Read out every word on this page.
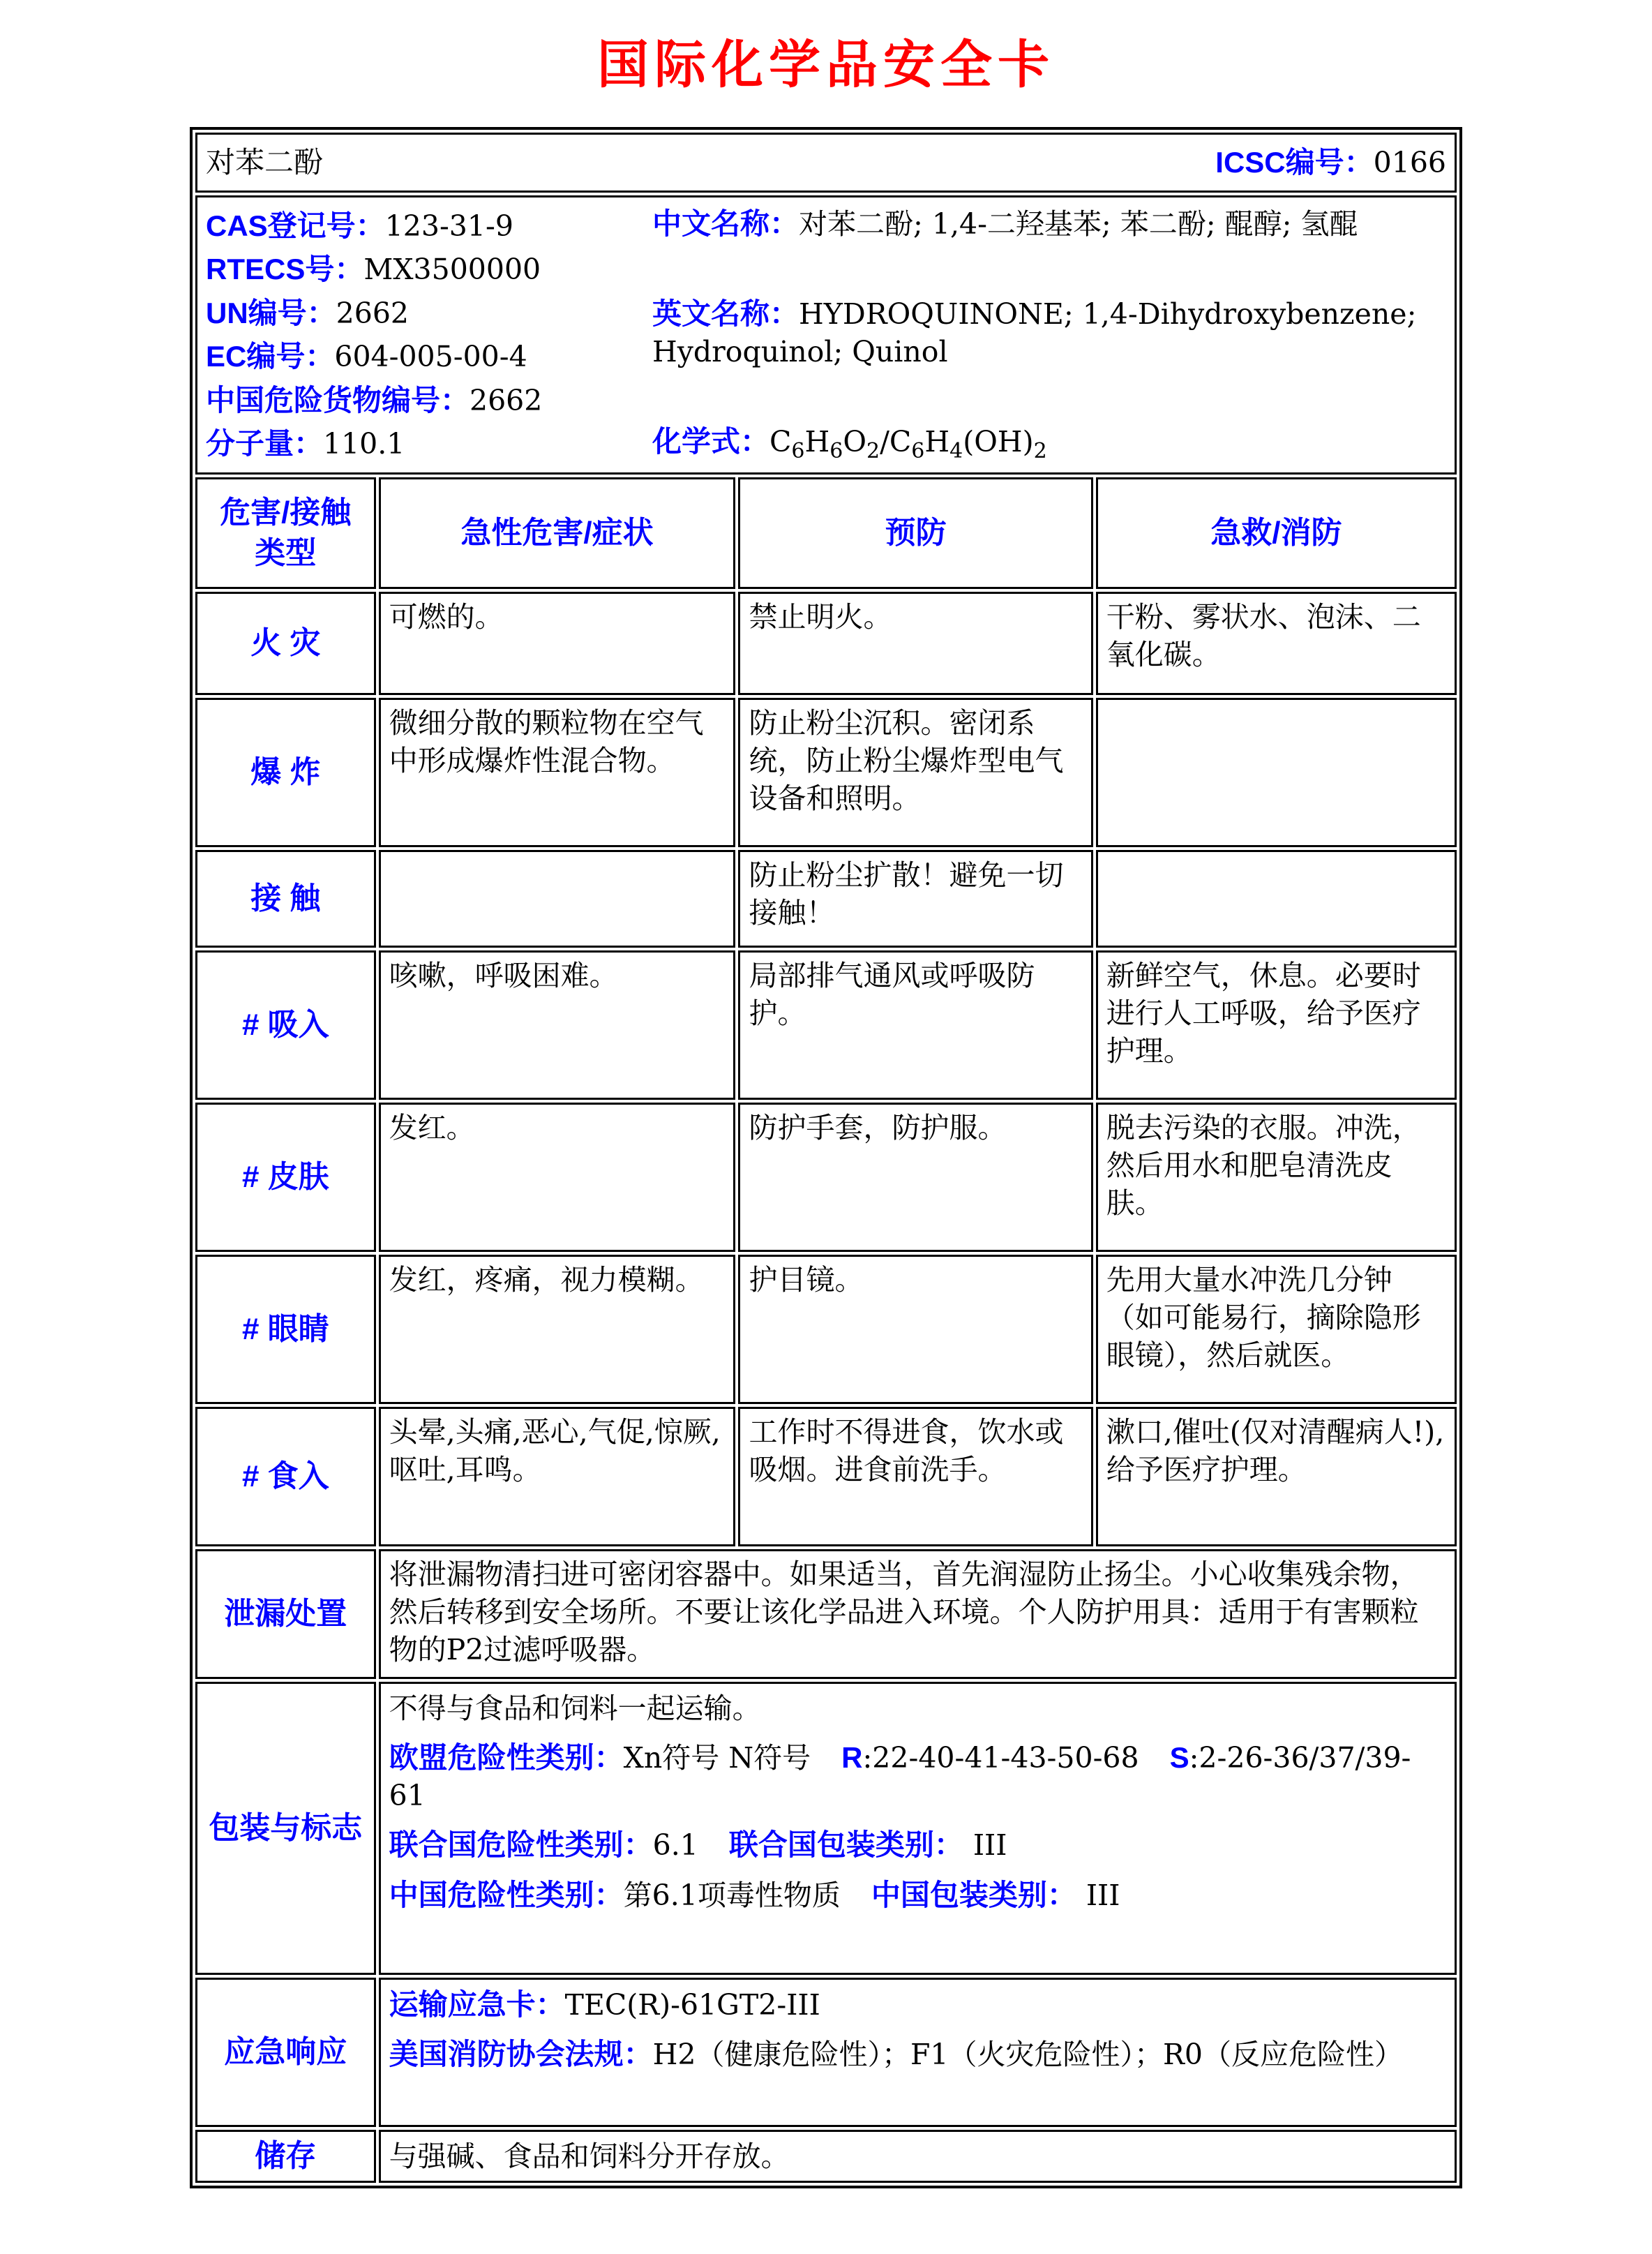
国际化学品安全卡
对苯二酚 ICSC编号：0166			

CAS登记号：123-31-9
RTECS号：MX3500000
UN编号：2662
EC编号：604-005-00-4
中国危险货物编号：2662
分子量：110.1
中文名称：对苯二酚; 1,4-二羟基苯; 苯二酚; 醌醇; 氢醌
英文名称：HYDROQUINONE; 1,4-Dihydroxybenzene; Hydroquinol; Quinol
化学式：$C_6H_6O_2/C_6H_4(OH)_2$

危害/接触类型	急性危害/症状	预防	急救/消防
火 灾	可燃的。	禁止明火。	干粉、雾状水、泡沫、二氧化碳。
爆 炸	微细分散的颗粒物在空气中形成爆炸性混合物。	防止粉尘沉积。密闭系统，防止粉尘爆炸型电气设备和照明。	
接 触		防止粉尘扩散！避免一切接触！	
# 吸入	咳嗽，呼吸困难。	局部排气通风或呼吸防护。	新鲜空气，休息。必要时进行人工呼吸，给予医疗护理。
# 皮肤	发红。	防护手套，防护服。	脱去污染的衣服。冲洗，然后用水和肥皂清洗皮肤。
# 眼睛	发红，疼痛，视力模糊。	护目镜。	先用大量水冲洗几分钟（如可能易行，摘除隐形眼镜），然后就医。
# 食入	头晕,头痛,恶心,气促,惊厥,呕吐,耳鸣。	工作时不得进食，饮水或吸烟。进食前洗手。	漱口,催吐(仅对清醒病人!),给予医疗护理。
泄漏处置	将泄漏物清扫进可密闭容器中。如果适当，首先润湿防止扬尘。小心收集残余物，然后转移到安全场所。不要让该化学品进入环境。个人防护用具：适用于有害颗粒物的P2过滤呼吸器。		
包装与标志	不得与食品和饲料一起运输。
欧盟危险性类别：Xn符号 N符号 R:22-40-41-43-50-68 S:2-26-36/37/39-61
联合国危险性类别：6.1 联合国包装类别： III
中国危险性类别：第6.1项毒性物质 中国包装类别： III		

应急响应	运输应急卡：TEC(R)-61GT2-III
美国消防协会法规：H2（健康危险性）；F1（火灾危险性）；R0（反应危险性）		

储存	与强碱、食品和饲料分开存放。		
